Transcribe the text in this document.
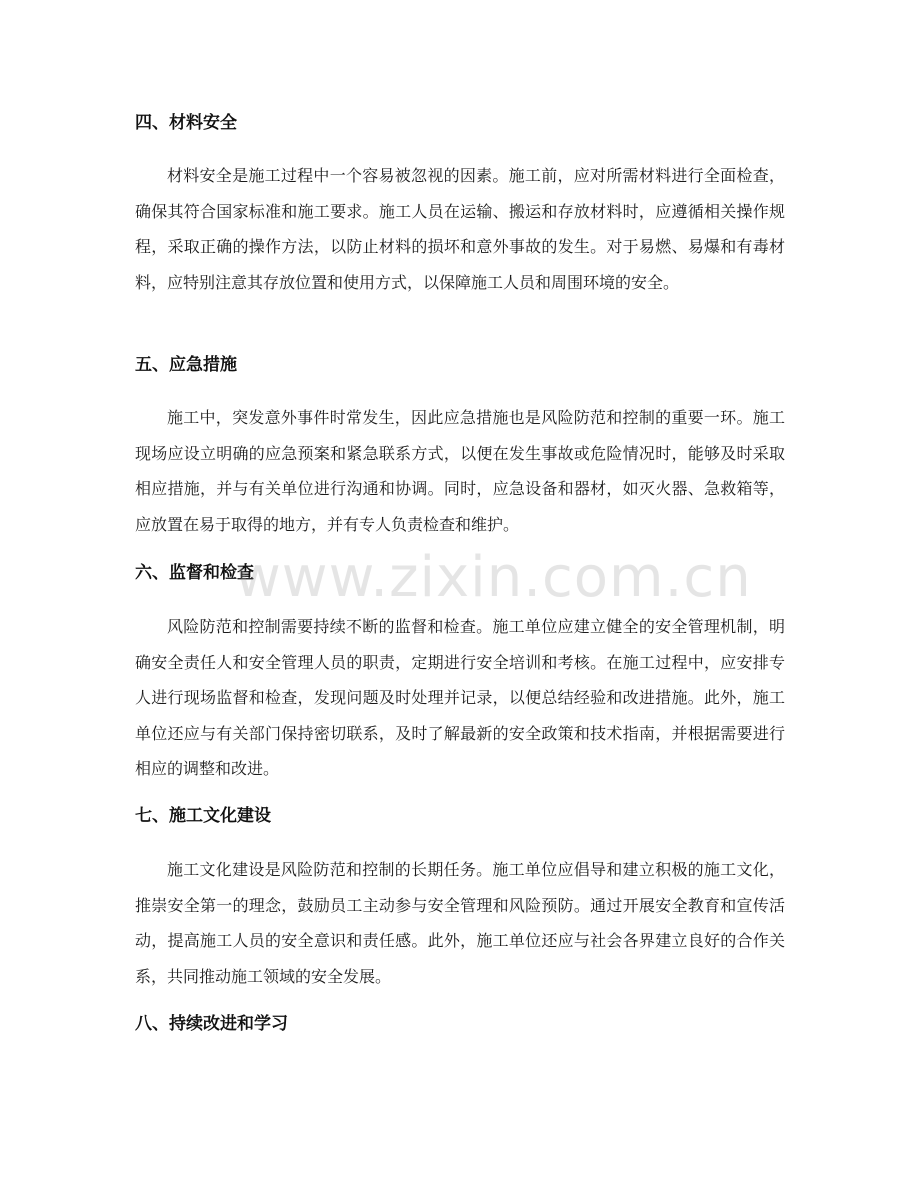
四、材料安全

材料安全是施工过程中一个容易被忽视的因素。施工前，应对所需材料进行全面检查，确保其符合国家标准和施工要求。施工人员在运输、搬运和存放材料时，应遵循相关操作规程，采取正确的操作方法，以防止材料的损坏和意外事故的发生。对于易燃、易爆和有毒材料，应特别注意其存放位置和使用方式，以保障施工人员和周围环境的安全。

五、应急措施

施工中，突发意外事件时常发生，因此应急措施也是风险防范和控制的重要一环。施工现场应设立明确的应急预案和紧急联系方式，以便在发生事故或危险情况时，能够及时采取相应措施，并与有关单位进行沟通和协调。同时，应急设备和器材，如灭火器、急救箱等，应放置在易于取得的地方，并有专人负责检查和维护。

六、监督和检查

风险防范和控制需要持续不断的监督和检查。施工单位应建立健全的安全管理机制，明确安全责任人和安全管理人员的职责，定期进行安全培训和考核。在施工过程中，应安排专人进行现场监督和检查，发现问题及时处理并记录，以便总结经验和改进措施。此外，施工单位还应与有关部门保持密切联系，及时了解最新的安全政策和技术指南，并根据需要进行相应的调整和改进。

七、施工文化建设

施工文化建设是风险防范和控制的长期任务。施工单位应倡导和建立积极的施工文化，推崇安全第一的理念，鼓励员工主动参与安全管理和风险预防。通过开展安全教育和宣传活动，提高施工人员的安全意识和责任感。此外，施工单位还应与社会各界建立良好的合作关系，共同推动施工领域的安全发展。

八、持续改进和学习
www.zixin.com.cn
